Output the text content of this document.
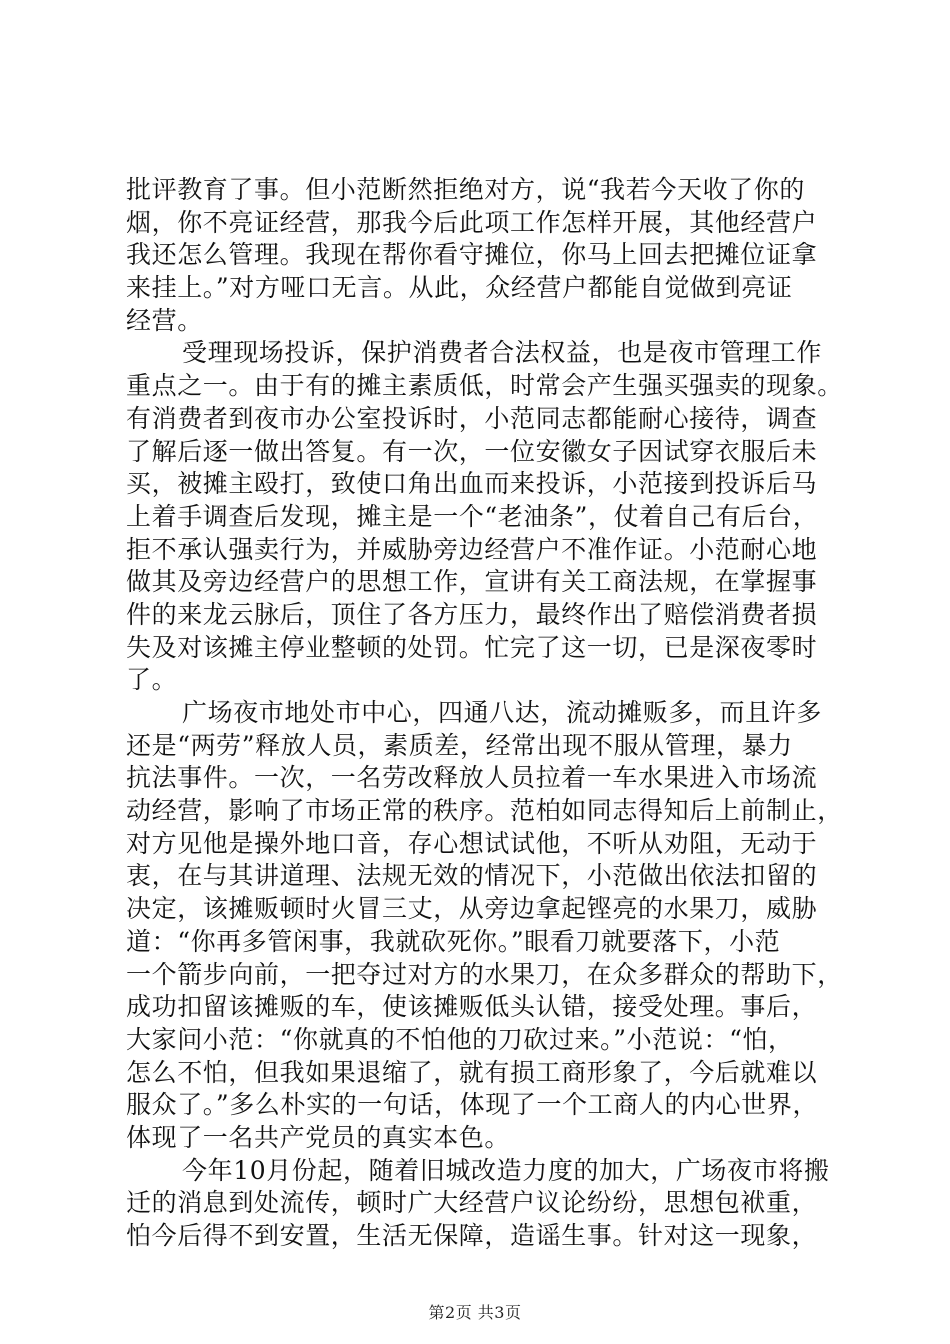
批评教育了事。但小范断然拒绝对方，说“我若今天收了你的
烟，你不亮证经营，那我今后此项工作怎样开展，其他经营户
我还怎么管理。我现在帮你看守摊位，你马上回去把摊位证拿
来挂上。”对方哑口无言。从此，众经营户都能自觉做到亮证
经营。
受理现场投诉，保护消费者合法权益，也是夜市管理工作
重点之一。由于有的摊主素质低，时常会产生强买强卖的现象。
有消费者到夜市办公室投诉时，小范同志都能耐心接待，调查
了解后逐一做出答复。有一次，一位安徽女子因试穿衣服后未
买，被摊主殴打，致使口角出血而来投诉，小范接到投诉后马
上着手调查后发现，摊主是一个“老油条”，仗着自己有后台，
拒不承认强卖行为，并威胁旁边经营户不准作证。小范耐心地
做其及旁边经营户的思想工作，宣讲有关工商法规，在掌握事
件的来龙云脉后，顶住了各方压力，最终作出了赔偿消费者损
失及对该摊主停业整顿的处罚。忙完了这一切，已是深夜零时
了。
广场夜市地处市中心，四通八达，流动摊贩多，而且许多
还是“两劳”释放人员，素质差，经常出现不服从管理，暴力
抗法事件。一次，一名劳改释放人员拉着一车水果进入市场流
动经营，影响了市场正常的秩序。范柏如同志得知后上前制止，
对方见他是操外地口音，存心想试试他，不听从劝阻，无动于
衷，在与其讲道理、法规无效的情况下，小范做出依法扣留的
决定，该摊贩顿时火冒三丈，从旁边拿起铿亮的水果刀，威胁
道：“你再多管闲事，我就砍死你。”眼看刀就要落下，小范
一个箭步向前，一把夺过对方的水果刀，在众多群众的帮助下，
成功扣留该摊贩的车，使该摊贩低头认错，接受处理。事后，
大家问小范：“你就真的不怕他的刀砍过来。”小范说：“怕，
怎么不怕，但我如果退缩了，就有损工商形象了，今后就难以
服众了。”多么朴实的一句话，体现了一个工商人的内心世界，
体现了一名共产党员的真实本色。
今年10月份起，随着旧城改造力度的加大，广场夜市将搬
迁的消息到处流传，顿时广大经营户议论纷纷，思想包袱重，
怕今后得不到安置，生活无保障，造谣生事。针对这一现象，
第2页 共3页
